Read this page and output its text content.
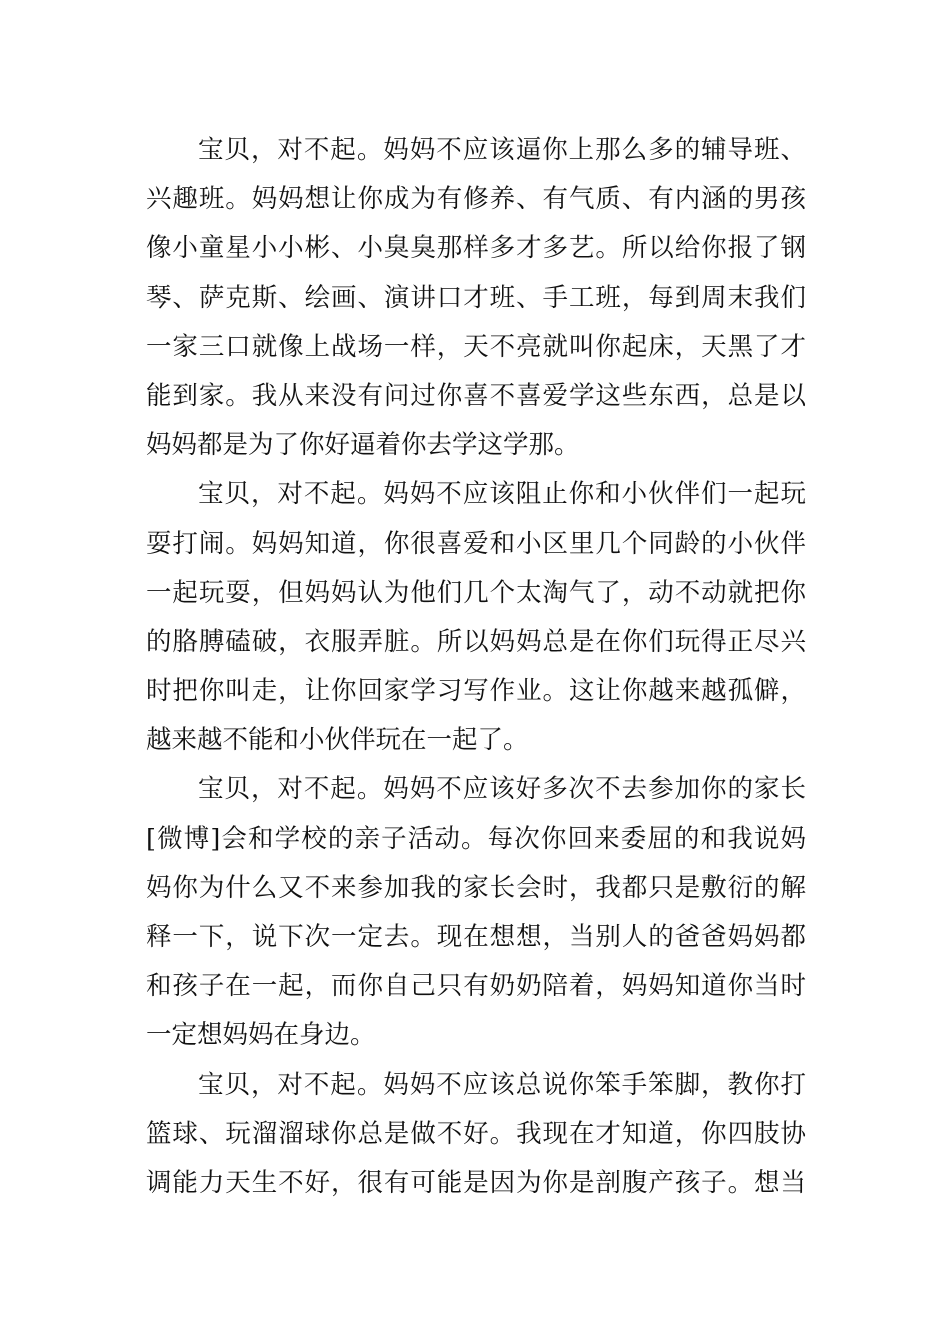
宝贝，对不起。妈妈不应该逼你上那么多的辅导班、
兴趣班。妈妈想让你成为有修养、有气质、有内涵的男孩
像小童星小小彬、小臭臭那样多才多艺。所以给你报了钢
琴、萨克斯、绘画、演讲口才班、手工班，每到周末我们
一家三口就像上战场一样，天不亮就叫你起床，天黑了才
能到家。我从来没有问过你喜不喜爱学这些东西，总是以
妈妈都是为了你好逼着你去学这学那。

宝贝，对不起。妈妈不应该阻止你和小伙伴们一起玩
耍打闹。妈妈知道，你很喜爱和小区里几个同龄的小伙伴
一起玩耍，但妈妈认为他们几个太淘气了，动不动就把你
的胳膊磕破，衣服弄脏。所以妈妈总是在你们玩得正尽兴
时把你叫走，让你回家学习写作业。这让你越来越孤僻，
越来越不能和小伙伴玩在一起了。

宝贝，对不起。妈妈不应该好多次不去参加你的家长
[微博]会和学校的亲子活动。每次你回来委屈的和我说妈
妈你为什么又不来参加我的家长会时，我都只是敷衍的解
释一下，说下次一定去。现在想想，当别人的爸爸妈妈都
和孩子在一起，而你自己只有奶奶陪着，妈妈知道你当时
一定想妈妈在身边。

宝贝，对不起。妈妈不应该总说你笨手笨脚，教你打
篮球、玩溜溜球你总是做不好。我现在才知道，你四肢协
调能力天生不好，很有可能是因为你是剖腹产孩子。想当
